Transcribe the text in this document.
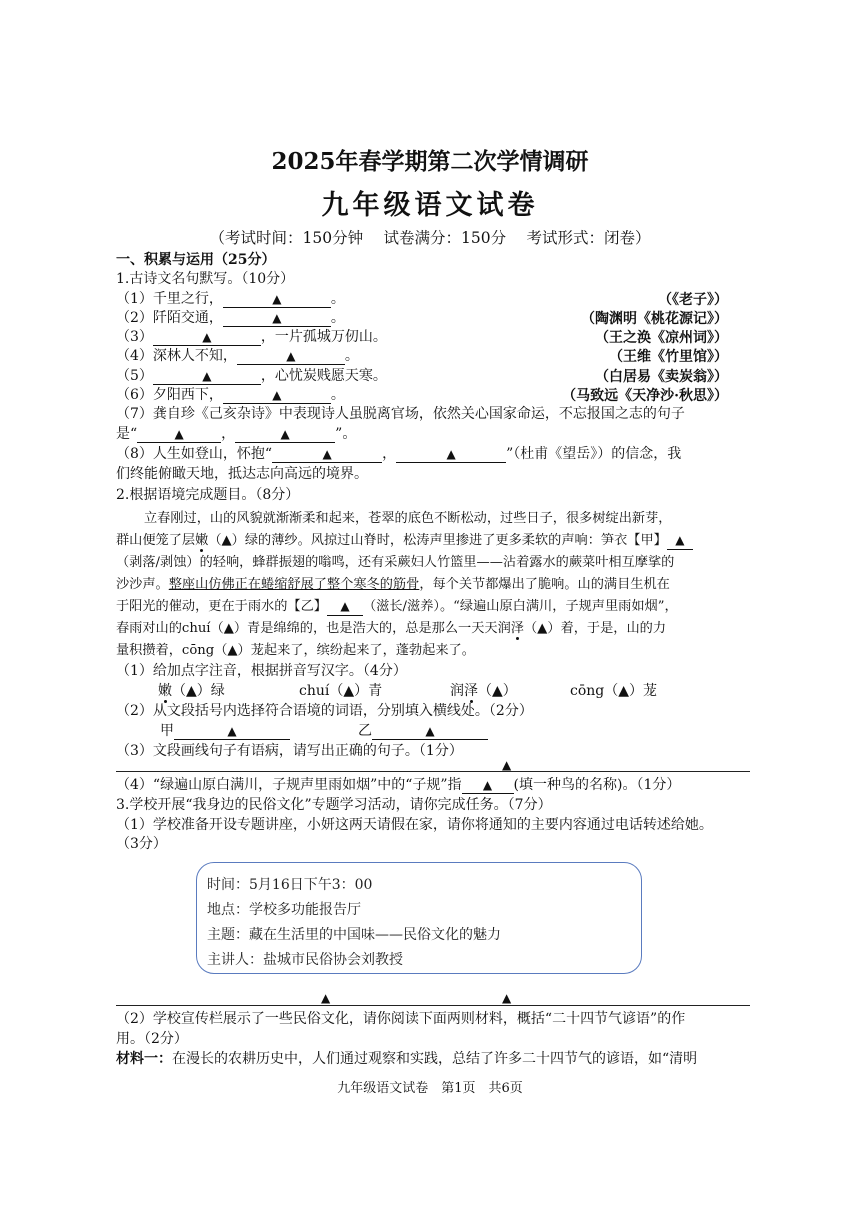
2025年春学期第二次学情调研
九年级语文试卷
（考试时间：150分钟　 试卷满分：150分　 考试形式：闭卷）
一、积累与运用（25分）
1.古诗文名句默写。（10分）
（1）千里之行，	▲	。	（《老子》）
（2）阡陌交通，	▲	。	（陶渊明《桃花源记》）
（3）	▲	，一片孤城万仞山。	（王之涣《凉州词》）
（4）深林人不知，	▲	。	（王维《竹里馆》）
（5）	▲	，心忧炭贱愿天寒。	（白居易《卖炭翁》）
（6）夕阳西下，	▲	。	（马致远《天净沙·秋思》）
（7）龚自珍《己亥杂诗》中表现诗人虽脱离官场，依然关心国家命运，不忘报国之志的句子
是“	▲	，	▲	”。
（8）人生如登山，怀抱“	▲	，	▲	”（杜甫《望岳》）的信念，我
们终能俯瞰天地，抵达志向高远的境界。
2.根据语境完成题目。（8分）
立春刚过，山的风貌就渐渐柔和起来，苍翠的底色不断松动，过些日子，很多树绽出新芽，
群山便笼了层嫩（▲）绿的薄纱。风掠过山脊时，松涛声里掺进了更多柔软的声响：笋衣【甲】 ▲
（剥落/剥蚀）的轻响，蜂群振翅的嗡鸣，还有采蕨妇人竹篮里——沾着露水的蕨菜叶相互摩挲的
沙沙声。整座山仿佛正在蜷缩舒展了整个寒冬的筋骨，每个关节都爆出了脆响。山的满目生机在
于阳光的催动，更在于雨水的【乙】 ▲ （滋长/滋养）。“绿遍山原白满川，子规声里雨如烟”，
春雨对山的chuí（▲）青是绵绵的，也是浩大的，总是那么一天天润泽（▲）着，于是，山的力
量积攒着，cōng（▲）茏起来了，缤纷起来了，蓬勃起来了。
（1）给加点字注音，根据拼音写汉字。（4分）
嫩（▲）绿	chuí（▲）青	润泽（▲）	cōng（▲）茏
（2）从文段括号内选择符合语境的词语，分别填入横线处。（2分）
甲	▲	乙	▲
（3）文段画线句子有语病，请写出正确的句子。（1分）
▲
（4）“绿遍山原白满川，子规声里雨如烟”中的“子规”指 ▲ (填一种鸟的名称)。（1分）
3.学校开展“我身边的民俗文化”专题学习活动，请你完成任务。（7分）
（1）学校准备开设专题讲座，小妍这两天请假在家，请你将通知的主要内容通过电话转述给她。
（3分）
时间：5月16日下午3：00
地点：学校多功能报告厅
主题：藏在生活里的中国味——民俗文化的魅力
主讲人：盐城市民俗协会刘教授
▲	▲
（2）学校宣传栏展示了一些民俗文化，请你阅读下面两则材料，概括“二十四节气谚语”的作
用。（2分）
材料一：在漫长的农耕历史中，人们通过观察和实践，总结了许多二十四节气的谚语，如“清明
九年级语文试卷　第1页　共6页
